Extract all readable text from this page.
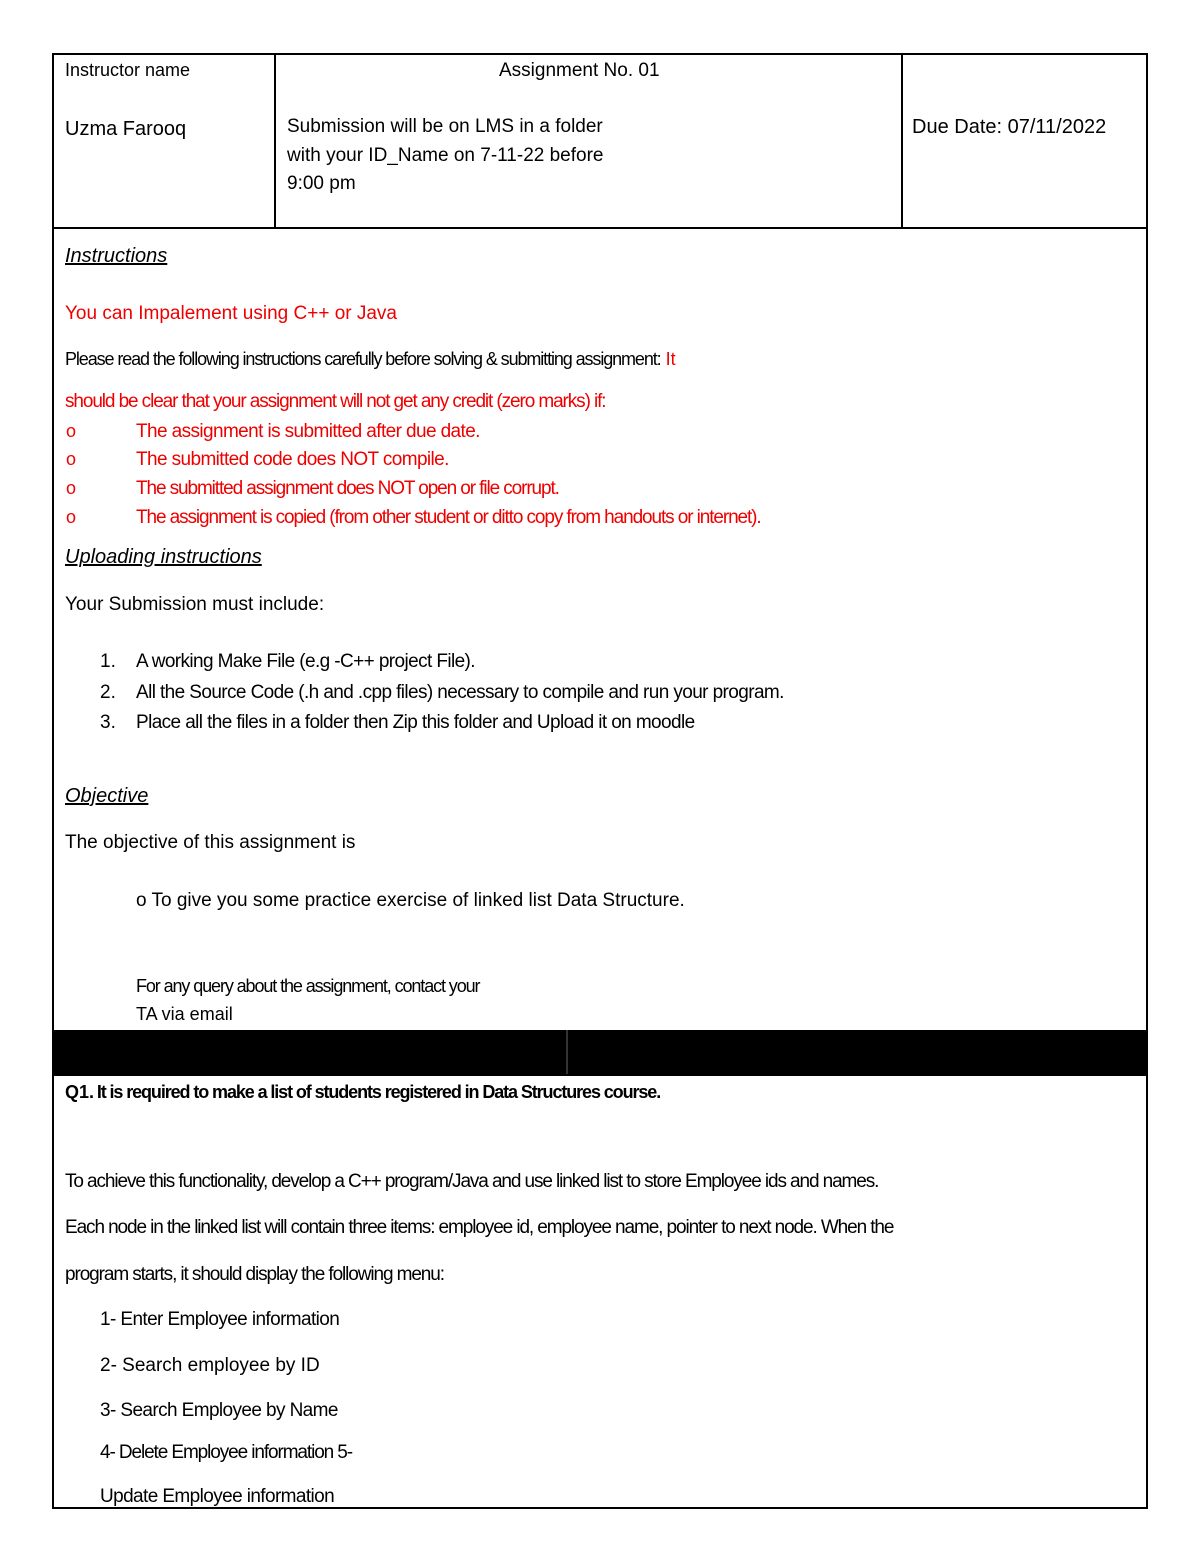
Instructor name
Uzma Farooq
Assignment No. 01
Submission will be on LMS in a folder
with your ID_Name on 7-11-22 before
9:00 pm
Due Date: 07/11/2022
Instructions
You can Impalement using C++ or Java
Please read the following instructions carefully before solving & submitting assignment: It
should be clear that your assignment will not get any credit (zero marks) if:
o	The assignment is submitted after due date.
o	The submitted code does NOT compile.
o	The submitted assignment does NOT open or file corrupt.
o	The assignment is copied (from other student or ditto copy from handouts or internet).
Uploading instructions
Your Submission must include:
1. A working Make File (e.g -C++ project File).
2. All the Source Code (.h and .cpp files) necessary to compile and run your program.
3. Place all the files in a folder then Zip this folder and Upload it on moodle
Objective
The objective of this assignment is
o To give you some practice exercise of linked list Data Structure.
For any query about the assignment, contact your
TA via email
Q1. It is required to make a list of students registered in Data Structures course.
To achieve this functionality, develop a C++ program/Java and use linked list to store Employee ids and names.
Each node in the linked list will contain three items: employee id, employee name, pointer to next node. When the
program starts, it should display the following menu:
1- Enter Employee information
2- Search employee by ID
3- Search Employee by Name
4- Delete Employee information 5-
Update Employee information
